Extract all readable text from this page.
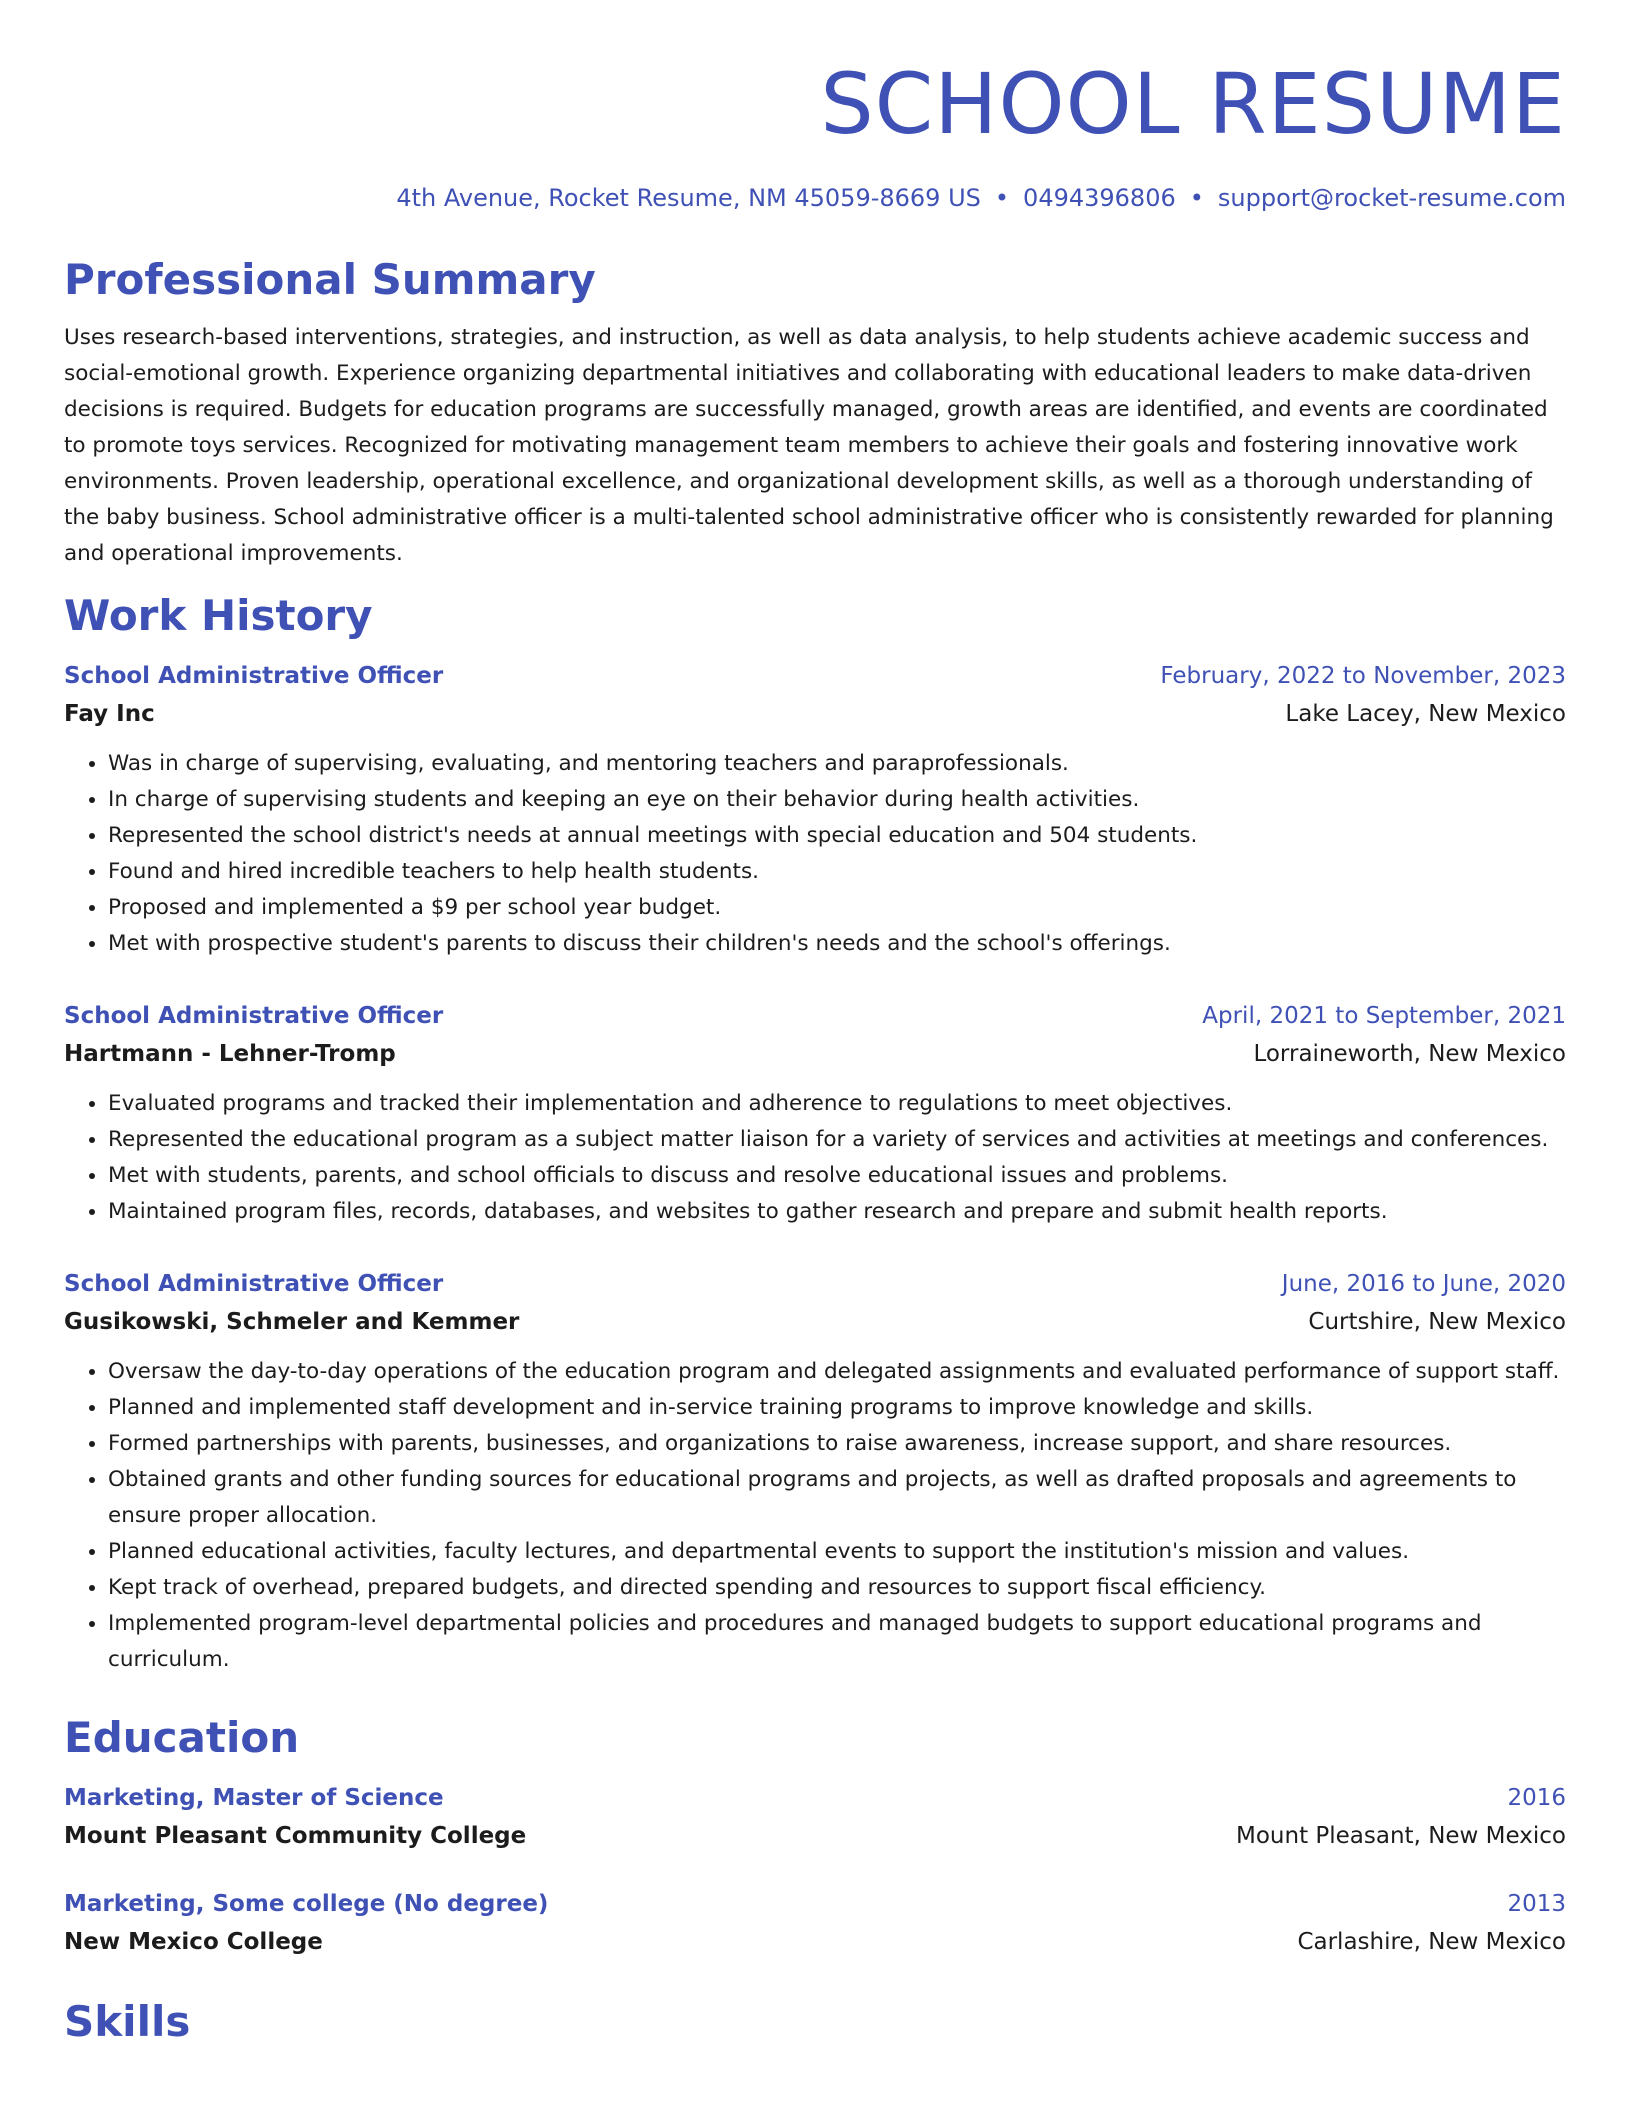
SCHOOL RESUME
4th Avenue, Rocket Resume, NM 45059-8669 US • 0494396806 • support@rocket-resume.com
Professional Summary
Uses research-based interventions, strategies, and instruction, as well as data analysis, to help students achieve academic success and social-emotional growth. Experience organizing departmental initiatives and collaborating with educational leaders to make data-driven decisions is required. Budgets for education programs are successfully managed, growth areas are identified, and events are coordinated to promote toys services. Recognized for motivating management team members to achieve their goals and fostering innovative work environments. Proven leadership, operational excellence, and organizational development skills, as well as a thorough understanding of the baby business. School administrative officer is a multi-talented school administrative officer who is consistently rewarded for planning and operational improvements.
Work History
School Administrative Officer	February, 2022 to November, 2023
Fay Inc	Lake Lacey, New Mexico
• Was in charge of supervising, evaluating, and mentoring teachers and paraprofessionals.
• In charge of supervising students and keeping an eye on their behavior during health activities.
• Represented the school district's needs at annual meetings with special education and 504 students.
• Found and hired incredible teachers to help health students.
• Proposed and implemented a $9 per school year budget.
• Met with prospective student's parents to discuss their children's needs and the school's offerings.
School Administrative Officer	April, 2021 to September, 2021
Hartmann - Lehner-Tromp	Lorraineworth, New Mexico
• Evaluated programs and tracked their implementation and adherence to regulations to meet objectives.
• Represented the educational program as a subject matter liaison for a variety of services and activities at meetings and conferences.
• Met with students, parents, and school officials to discuss and resolve educational issues and problems.
• Maintained program files, records, databases, and websites to gather research and prepare and submit health reports.
School Administrative Officer	June, 2016 to June, 2020
Gusikowski, Schmeler and Kemmer	Curtshire, New Mexico
• Oversaw the day-to-day operations of the education program and delegated assignments and evaluated performance of support staff.
• Planned and implemented staff development and in-service training programs to improve knowledge and skills.
• Formed partnerships with parents, businesses, and organizations to raise awareness, increase support, and share resources.
• Obtained grants and other funding sources for educational programs and projects, as well as drafted proposals and agreements to ensure proper allocation.
• Planned educational activities, faculty lectures, and departmental events to support the institution's mission and values.
• Kept track of overhead, prepared budgets, and directed spending and resources to support fiscal efficiency.
• Implemented program-level departmental policies and procedures and managed budgets to support educational programs and curriculum.
Education
Marketing, Master of Science	2016
Mount Pleasant Community College	Mount Pleasant, New Mexico
Marketing, Some college (No degree)	2013
New Mexico College	Carlashire, New Mexico
Skills
